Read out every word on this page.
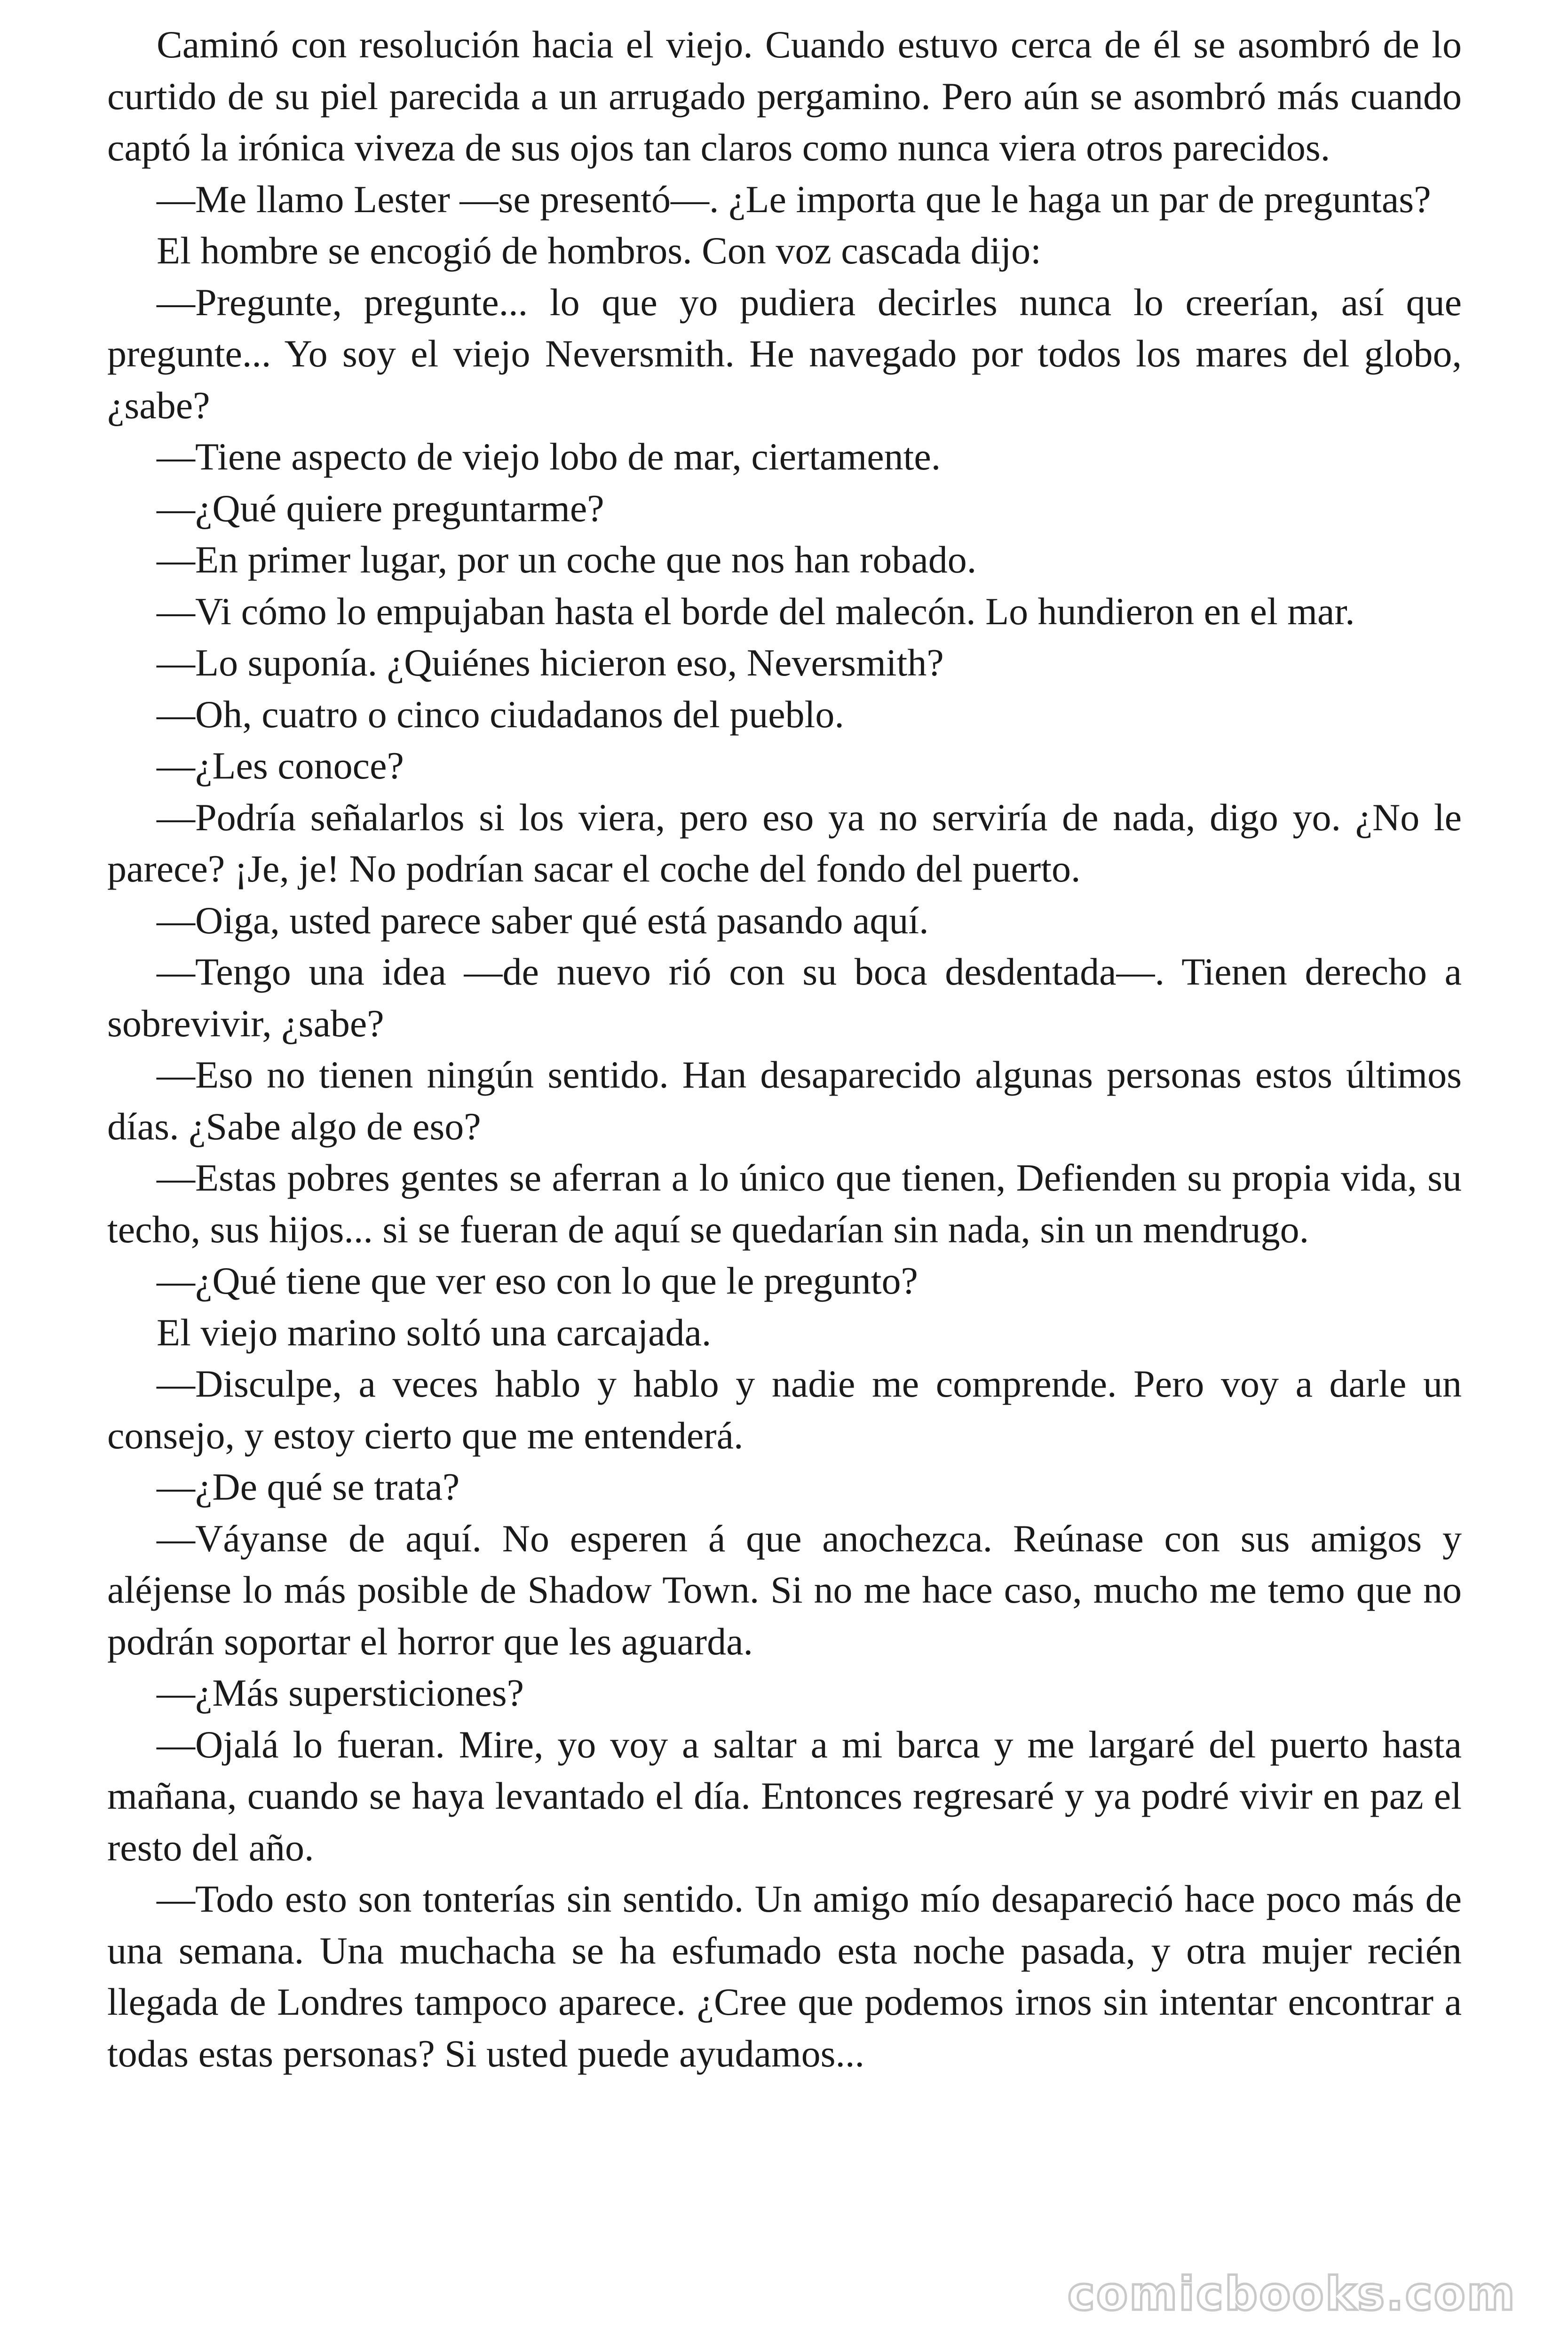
Caminó con resolución hacia el viejo. Cuando estuvo cerca de él se asombró de lo curtido de su piel parecida a un arrugado pergamino. Pero aún se asombró más cuando captó la irónica viveza de sus ojos tan claros como nunca viera otros parecidos.

—Me llamo Lester —se presentó—. ¿Le importa que le haga un par de preguntas?

El hombre se encogió de hombros. Con voz cascada dijo:

—Pregunte, pregunte... lo que yo pudiera decirles nunca lo creerían, así que pregunte... Yo soy el viejo Neversmith. He navegado por todos los mares del globo, ¿sabe?

—Tiene aspecto de viejo lobo de mar, ciertamente.

—¿Qué quiere preguntarme?

—En primer lugar, por un coche que nos han robado.

—Vi cómo lo empujaban hasta el borde del malecón. Lo hundieron en el mar.

—Lo suponía. ¿Quiénes hicieron eso, Neversmith?

—Oh, cuatro o cinco ciudadanos del pueblo.

—¿Les conoce?

—Podría señalarlos si los viera, pero eso ya no serviría de nada, digo yo. ¿No le parece? ¡Je, je! No podrían sacar el coche del fondo del puerto.

—Oiga, usted parece saber qué está pasando aquí.

—Tengo una idea —de nuevo rió con su boca desdentada—. Tienen derecho a sobrevivir, ¿sabe?

—Eso no tienen ningún sentido. Han desaparecido algunas personas estos últimos días. ¿Sabe algo de eso?

—Estas pobres gentes se aferran a lo único que tienen, Defienden su propia vida, su techo, sus hijos... si se fueran de aquí se quedarían sin nada, sin un mendrugo.

—¿Qué tiene que ver eso con lo que le pregunto?

El viejo marino soltó una carcajada.

—Disculpe, a veces hablo y hablo y nadie me comprende. Pero voy a darle un consejo, y estoy cierto que me entenderá.

—¿De qué se trata?

—Váyanse de aquí. No esperen á que anochezca. Reúnase con sus amigos y aléjense lo más posible de Shadow Town. Si no me hace caso, mucho me temo que no podrán soportar el horror que les aguarda.

—¿Más supersticiones?

—Ojalá lo fueran. Mire, yo voy a saltar a mi barca y me largaré del puerto hasta mañana, cuando se haya levantado el día. Entonces regresaré y ya podré vivir en paz el resto del año.

—Todo esto son tonterías sin sentido. Un amigo mío desapareció hace poco más de una semana. Una muchacha se ha esfumado esta noche pasada, y otra mujer recién llegada de Londres tampoco aparece. ¿Cree que podemos irnos sin intentar encontrar a todas estas personas? Si usted puede ayudamos...

comicbooks.com
